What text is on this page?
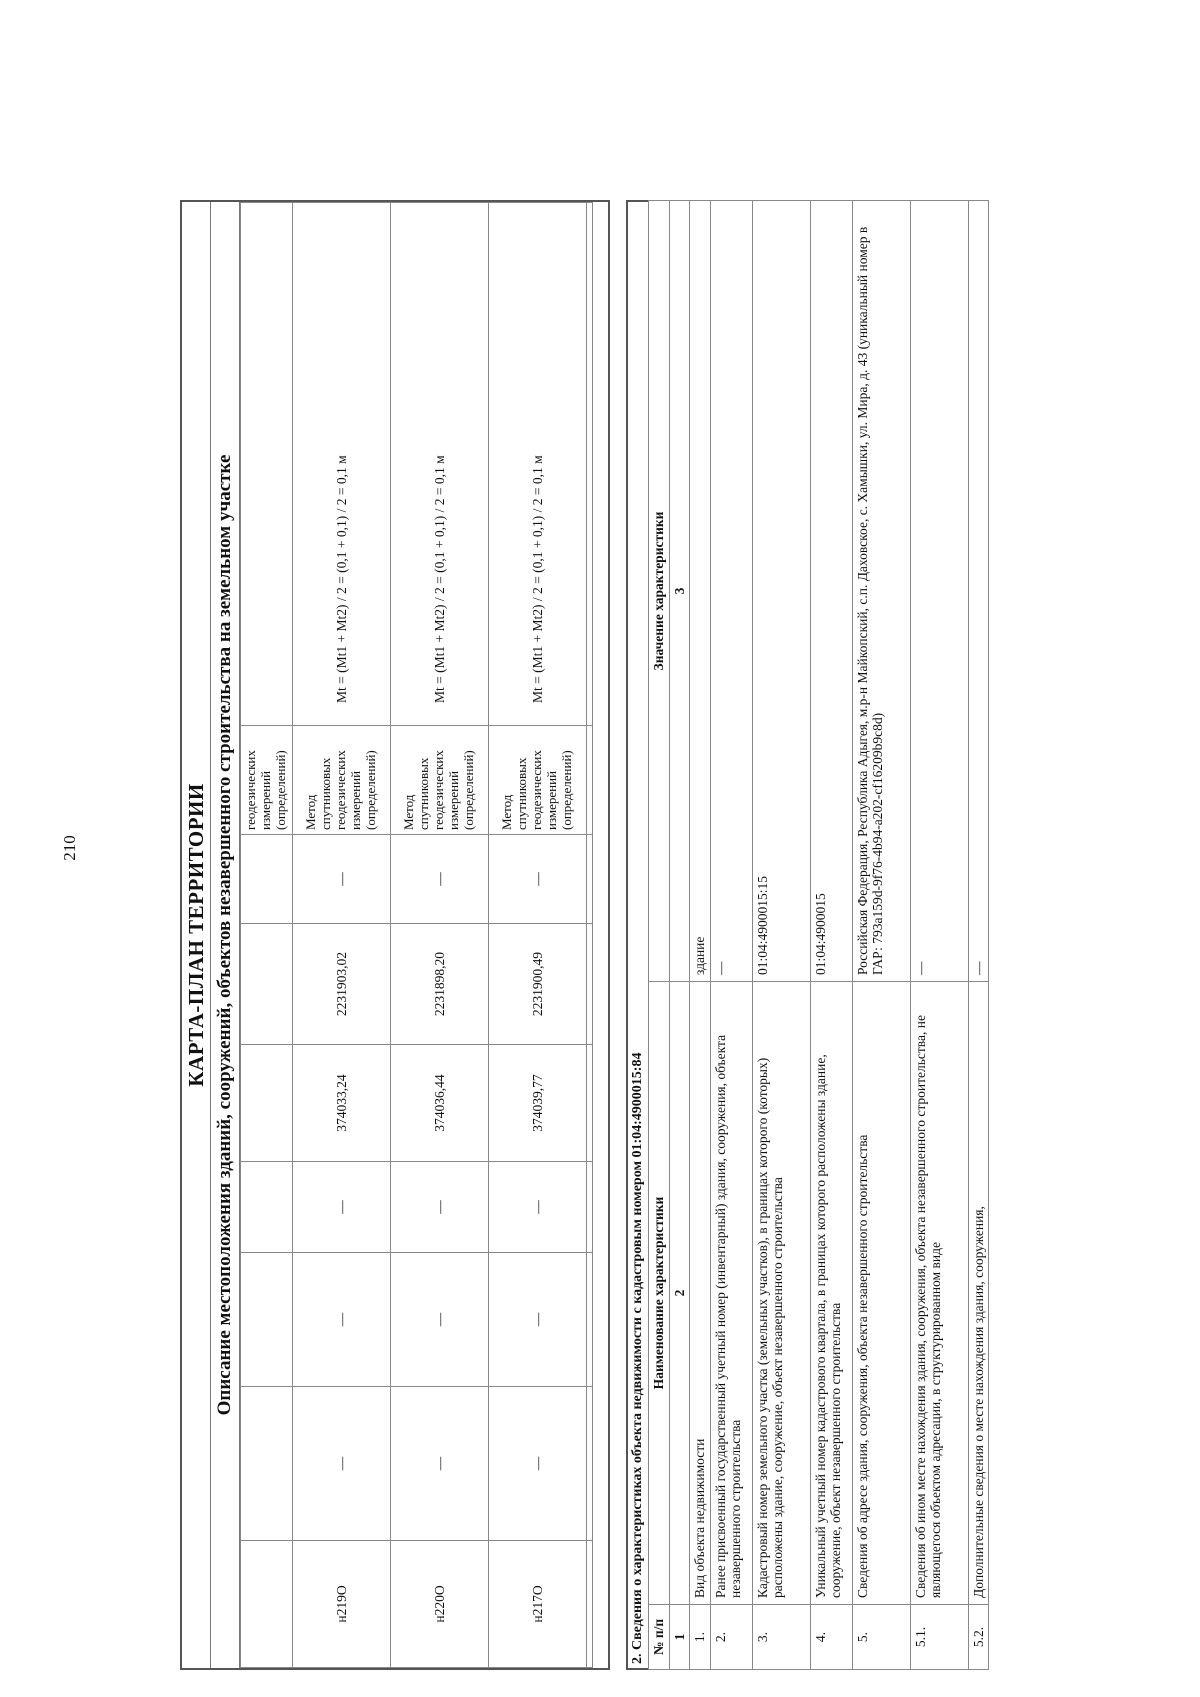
210	КАРТА-ПЛАН ТЕРРИТОРИИ Описание местоположения зданий, сооружений, объектов незавершенного строительства на земельном участке
							геодезических измерений (определений)	
н219О	—	—	—	374033,24	2231903,02	—	Метод спутниковых геодезических измерений (определений)	Mt = (Mt1 + Mt2) / 2 = (0,1 + 0,1) / 2 = 0,1 м
н220О	—	—	—	374036,44	2231898,20	—	Метод спутниковых геодезических измерений (определений)	Mt = (Mt1 + Mt2) / 2 = (0,1 + 0,1) / 2 = 0,1 м
н217О	—	—	—	374039,77	2231900,49	—	Метод спутниковых геодезических измерений (определений)	Mt = (Mt1 + Mt2) / 2 = (0,1 + 0,1) / 2 = 0,1 м

2. Сведения о характеристиках объекта недвижимости с кадастровым номером 01:04:4900015:84 № п/п	Наименование характеристики	Значение характеристики
1	2	3
1.	Вид объекта недвижимости	здание
2.	Ранее присвоенный государственный учетный номер (инвентарный) здания, сооружения, объекта незавершенного строительства	—
3.	Кадастровый номер земельного участка (земельных участков), в границах которого (которых) расположены здание, сооружение, объект незавершенного строительства	01:04:4900015:15
4.	Уникальный учетный номер кадастрового квартала, в границах которого расположены здание, сооружение, объект незавершенного строительства	01:04:4900015
5.	Сведения об адресе здания, сооружения, объекта незавершенного строительства	Российская Федерация, Республика Адыгея, м.р-н Майкопский, с.п. Даховское, с. Хамышки, ул. Мира, д. 43 (уникальный номер в ГАР: 793a159d-9f76-4b94-a202-cf16209b9c8d)
5.1.	Сведения об ином месте нахождения здания, сооружения, объекта незавершенного строительства, не являющегося объектом адресации, в структурированном виде	—
5.2.	Дополнительные сведения о месте нахождения здания, сооружения,	—
